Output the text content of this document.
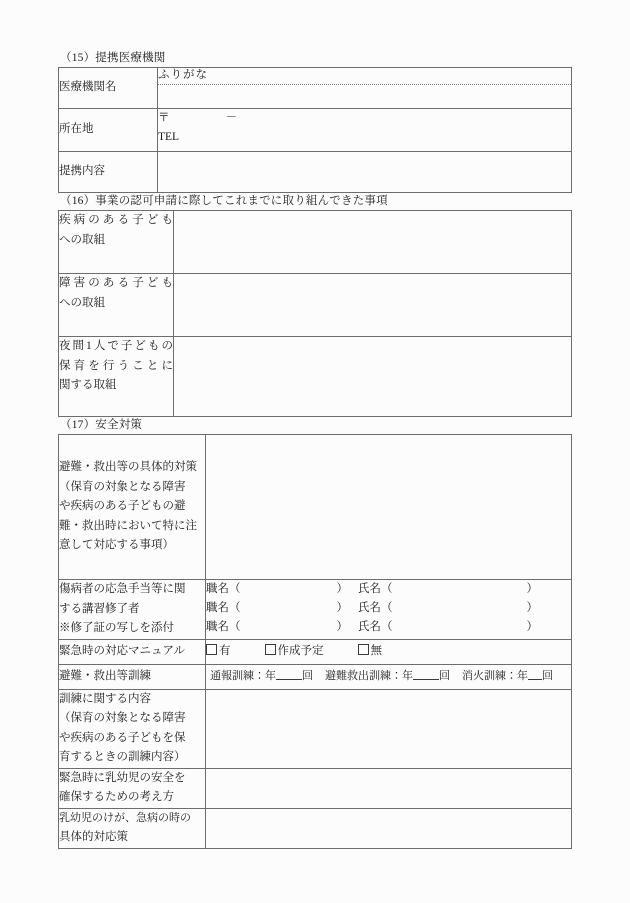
（15）提携医療機関
医療機関名	ふりがな

所在地	〒 －
TEL

提携内容	
（16）事業の認可申請に際してこれまでに取り組んできた事項
疾病のある子ども
への取組	

障害のある子ども
への取組	

夜間1人で子どもの
保育を行うことに
関する取組	

（17）安全対策
避難・救出等の具体的対策
（保育の対象となる障害
や疾病のある子どもの避
難・救出時において特に注
意して対応する事項）	

傷病者の応急手当等に関
する講習修了者
※修了証の写しを添付	職名（ ） 氏名（ ）
職名（ ） 氏名（ ）
職名（ ） 氏名（ ）

緊急時の対応マニュアル	有 作成予定 無

避難・救出等訓練	通報訓練：年 回 避難救出訓練：年 回 消火訓練：年 回

訓練に関する内容
（保育の対象となる障害
や疾病のある子どもを保
育するときの訓練内容）	

緊急時に乳幼児の安全を
確保するための考え方	

乳幼児のけが、急病の時の
具体的対応策	
